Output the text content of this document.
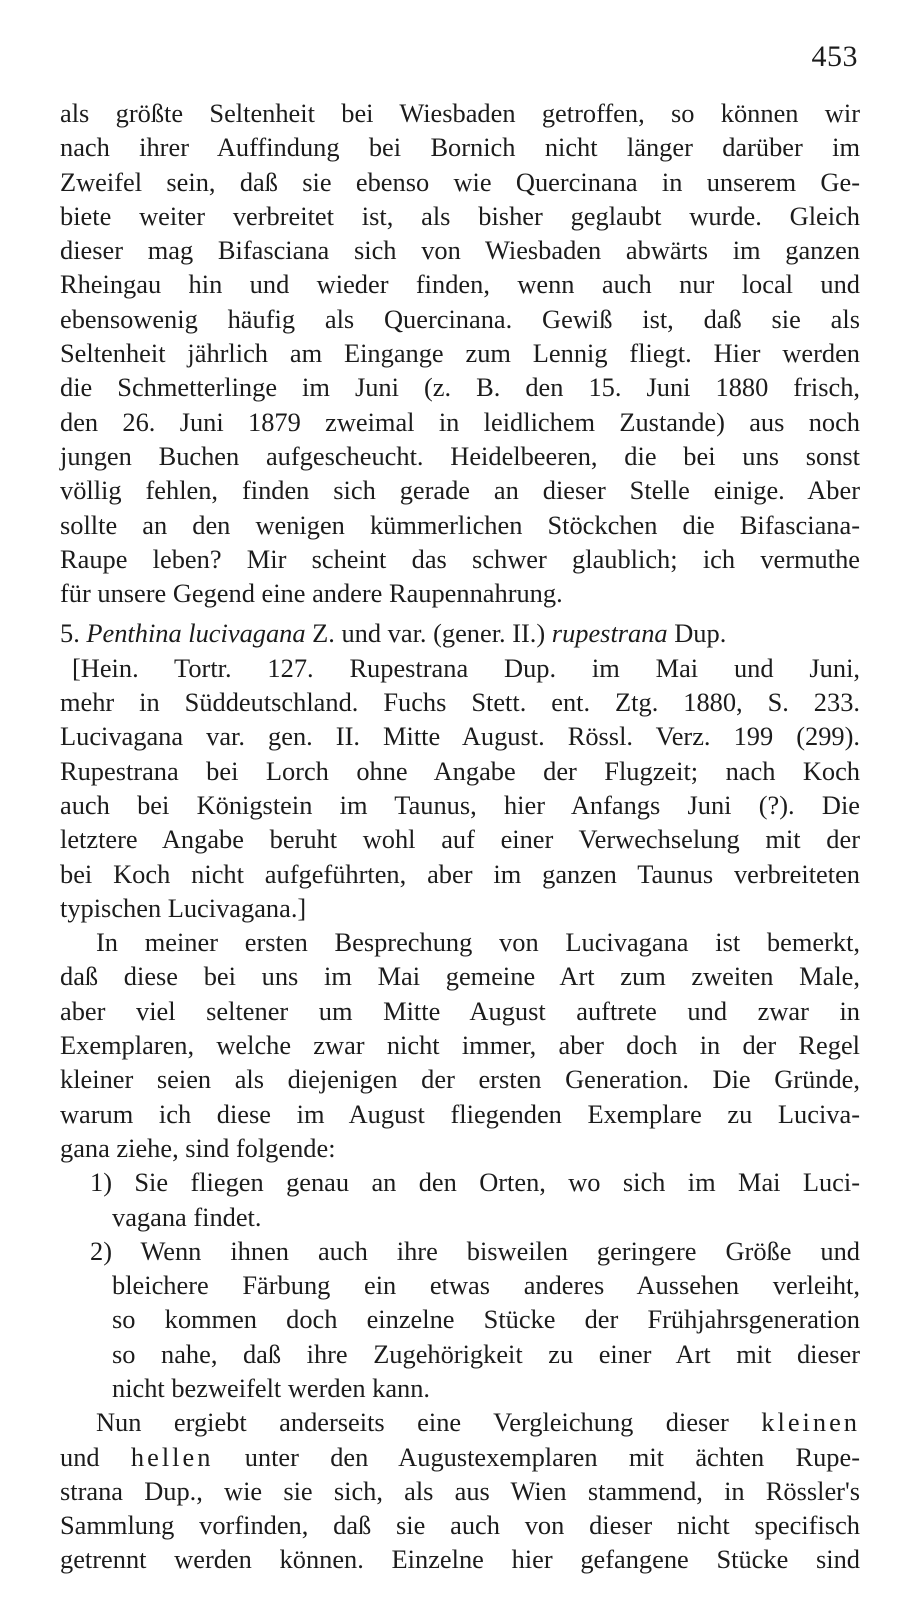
453
als größte Seltenheit bei Wiesbaden getroffen, so können wir
nach ihrer Auffindung bei Bornich nicht länger darüber im
Zweifel sein, daß sie ebenso wie Quercinana in unserem Ge-
biete weiter verbreitet ist, als bisher geglaubt wurde. Gleich
dieser mag Bifasciana sich von Wiesbaden abwärts im ganzen
Rheingau hin und wieder finden, wenn auch nur local und
ebensowenig häufig als Quercinana. Gewiß ist, daß sie als
Seltenheit jährlich am Eingange zum Lennig fliegt. Hier werden
die Schmetterlinge im Juni (z. B. den 15. Juni 1880 frisch,
den 26. Juni 1879 zweimal in leidlichem Zustande) aus noch
jungen Buchen aufgescheucht. Heidelbeeren, die bei uns sonst
völlig fehlen, finden sich gerade an dieser Stelle einige. Aber
sollte an den wenigen kümmerlichen Stöckchen die Bifasciana-
Raupe leben? Mir scheint das schwer glaublich; ich vermuthe
für unsere Gegend eine andere Raupennahrung.
5. Penthina lucivagana Z. und var. (gener. II.) rupestrana Dup.
[Hein. Tortr. 127. Rupestrana Dup. im Mai und Juni,
mehr in Süddeutschland. Fuchs Stett. ent. Ztg. 1880, S. 233.
Lucivagana var. gen. II. Mitte August. Rössl. Verz. 199 (299).
Rupestrana bei Lorch ohne Angabe der Flugzeit; nach Koch
auch bei Königstein im Taunus, hier Anfangs Juni (?). Die
letztere Angabe beruht wohl auf einer Verwechselung mit der
bei Koch nicht aufgeführten, aber im ganzen Taunus verbreiteten
typischen Lucivagana.]
In meiner ersten Besprechung von Lucivagana ist bemerkt,
daß diese bei uns im Mai gemeine Art zum zweiten Male,
aber viel seltener um Mitte August auftrete und zwar in
Exemplaren, welche zwar nicht immer, aber doch in der Regel
kleiner seien als diejenigen der ersten Generation. Die Gründe,
warum ich diese im August fliegenden Exemplare zu Luciva-
gana ziehe, sind folgende:
1) Sie fliegen genau an den Orten, wo sich im Mai Luci-
vagana findet.
2) Wenn ihnen auch ihre bisweilen geringere Größe und
bleichere Färbung ein etwas anderes Aussehen verleiht,
so kommen doch einzelne Stücke der Frühjahrsgeneration
so nahe, daß ihre Zugehörigkeit zu einer Art mit dieser
nicht bezweifelt werden kann.
Nun ergiebt anderseits eine Vergleichung dieser kleinen
und hellen unter den Augustexemplaren mit ächten Rupe-
strana Dup., wie sie sich, als aus Wien stammend, in Rössler's
Sammlung vorfinden, daß sie auch von dieser nicht specifisch
getrennt werden können. Einzelne hier gefangene Stücke sind
